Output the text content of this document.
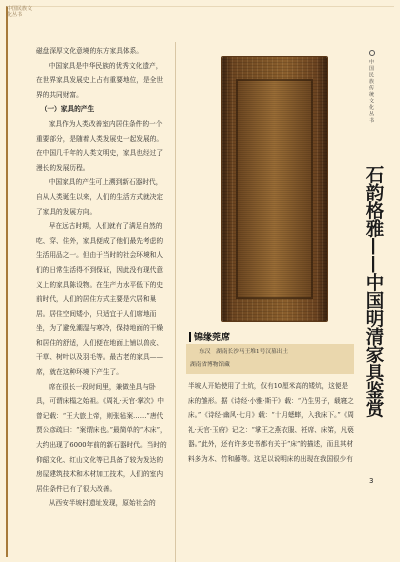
中国民族文化丛书

磁盘深厚文化意境的东方家具体系。

中国家具是中华民族的优秀文化遗产，在世界家具发展史上占有重要地位，是全世界的共同财富。

（一）家具的产生

家具作为人类改善室内居住条件的一个重要部分，是随着人类发展史一起发展的。在中国几千年的人类文明史，家具也经过了漫长的发展历程。

中国家具的产生可上溯到新石器时代，自从人类诞生以来，人们的生活方式就决定了家具的发展方向。

早在远古时期，人们就有了满足自然的吃、穿、住外，家具便成了他们最先考虑的生活用品之一。但由于当时的社会环境和人们的日常生活得不到保证，因此没有现代意义上的家具陈设物。在生产力水平低下的史前时代，人们的居住方式主要是穴居和巢居。居住空间矮小，只适宜于人们席地而坐，为了避免潮湿与寒冷，保持地面的干燥和居住的舒适，人们便在地面上铺以兽皮、干草、树叶以及羽毛等。最古老的家具——席，就在这种环境下产生了。

席在很长一段时间里，兼做坐具与卧具，可谓床榻之始祖。《周礼·天官·掌次》中曾记载：“王大旅上帝，则张毡案……”唐代贾公彦疏曰：“案谓床也。”最简单的“木床”，大约出现了6000年前的新石器时代。当时的仰韶文化、红山文化等已具备了较为发达的房屋建筑技术和木材加工技术，人们的室内居住条件已有了很大改善。

从西安半坡村遗址发现，原始社会的

锦缘莞席

东汉　湖南长沙马王堆1号汉墓出土

湖南省博物馆藏

半坡人开始使用了土炕，仅有10厘米高的矮炕，这便是床的雏形。据《诗经·小雅·斯干》载：“乃生男子，载寝之床。”《诗经·幽风·七月》载：“十月蟋蟀，入我床下。”《周礼·天官·玉府》记之：“掌王之燕衣服、衽席、床笫，凡亵器。”此外，还有许多史书都有关于“床”的描述，而且其材料多为木、竹和藤等。这足以说明床的出现在我国很少有

中国民族传统文化丛书
石韵格雅——中国明清家具鉴赏
3
